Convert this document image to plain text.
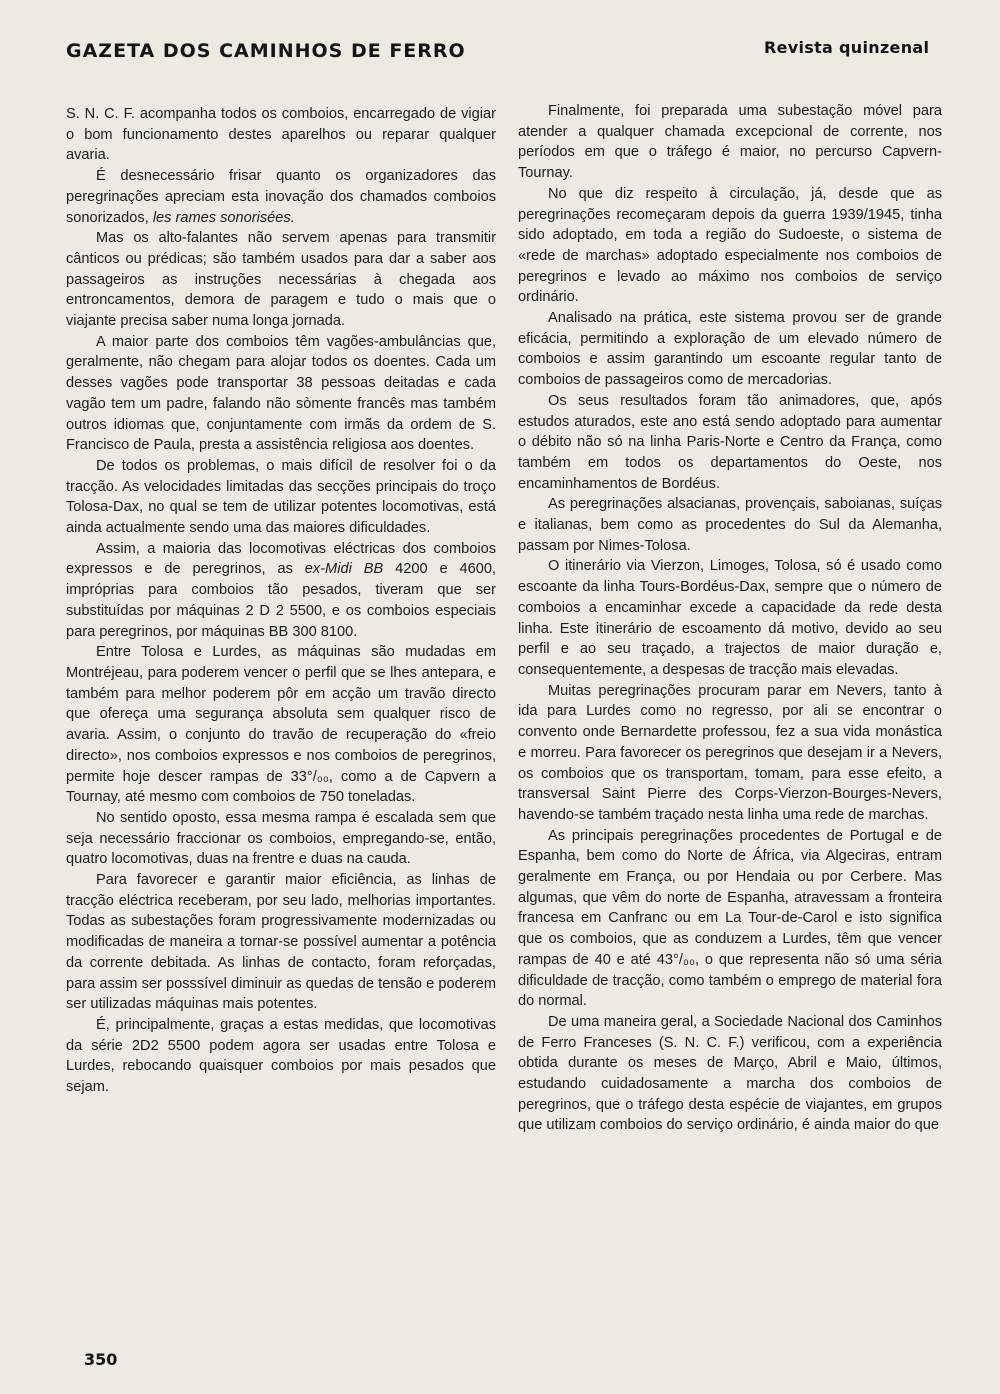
GAZETA DOS CAMINHOS DE FERRO	Revista quinzenal

S. N. C. F. acompanha todos os comboios, encarregado de vigiar o bom funcionamento destes aparelhos ou reparar qualquer avaria.

É desnecessário frisar quanto os organizadores das peregrinações apreciam esta inovação dos chamados comboios sonorizados, les rames sonorisées.

Mas os alto-falantes não servem apenas para transmitir cânticos ou prédicas; são também usados para dar a saber aos passageiros as instruções necessárias à chegada aos entroncamentos, demora de paragem e tudo o mais que o viajante precisa saber numa longa jornada.

A maior parte dos comboios têm vagões-ambulâncias que, geralmente, não chegam para alojar todos os doentes. Cada um desses vagões pode transportar 38 pessoas deitadas e cada vagão tem um padre, falando não sòmente francês mas também outros idiomas que, conjuntamente com irmãs da ordem de S. Francisco de Paula, presta a assistência religiosa aos doentes.

De todos os problemas, o mais difícil de resolver foi o da tracção. As velocidades limitadas das secções principais do troço Tolosa-Dax, no qual se tem de utilizar potentes locomotivas, está ainda actualmente sendo uma das maiores dificuldades.

Assim, a maioria das locomotivas eléctricas dos comboios expressos e de peregrinos, as ex-Midi BB 4200 e 4600, impróprias para comboios tão pesados, tiveram que ser substituídas por máquinas 2 D 2 5500, e os comboios especiais para peregrinos, por máquinas BB 300 8100.

Entre Tolosa e Lurdes, as máquinas são mudadas em Montréjeau, para poderem vencer o perfil que se lhes antepara, e também para melhor poderem pôr em acção um travão directo que ofereça uma segurança absoluta sem qualquer risco de avaria. Assim, o conjunto do travão de recuperação do «freio directo», nos comboios expressos e nos comboios de peregrinos, permite hoje descer rampas de 33°/₀₀, como a de Capvern a Tournay, até mesmo com comboios de 750 toneladas.

No sentido oposto, essa mesma rampa é escalada sem que seja necessário fraccionar os comboios, empregando-se, então, quatro locomotivas, duas na frentre e duas na cauda.

Para favorecer e garantir maior eficiência, as linhas de tracção eléctrica receberam, por seu lado, melhorias importantes. Todas as subestações foram progressivamente modernizadas ou modificadas de maneira a tornar-se possível aumentar a potência da corrente debitada. As linhas de contacto, foram reforçadas, para assim ser posssível diminuir as quedas de tensão e poderem ser utilizadas máquinas mais potentes.

É, principalmente, graças a estas medidas, que locomotivas da série 2D2 5500 podem agora ser usadas entre Tolosa e Lurdes, rebocando quaisquer comboios por mais pesados que sejam.

Finalmente, foi preparada uma subestação móvel para atender a qualquer chamada excepcional de corrente, nos períodos em que o tráfego é maior, no percurso Capvern-Tournay.

No que diz respeito à circulação, já, desde que as peregrinações recomeçaram depois da guerra 1939/1945, tinha sido adoptado, em toda a região do Sudoeste, o sistema de «rede de marchas» adoptado especialmente nos comboios de peregrinos e levado ao máximo nos comboios de serviço ordinário.

Analisado na prática, este sistema provou ser de grande eficácia, permitindo a exploração de um elevado número de comboios e assim garantindo um escoante regular tanto de comboios de passageiros como de mercadorias.

Os seus resultados foram tão animadores, que, após estudos aturados, este ano está sendo adoptado para aumentar o débito não só na linha Paris-Norte e Centro da França, como também em todos os departamentos do Oeste, nos encaminhamentos de Bordéus.

As peregrinações alsacianas, provençais, saboianas, suíças e italianas, bem como as procedentes do Sul da Alemanha, passam por Nimes-Tolosa.

O itinerário via Vierzon, Limoges, Tolosa, só é usado como escoante da linha Tours-Bordéus-Dax, sempre que o número de comboios a encaminhar excede a capacidade da rede desta linha. Este itinerário de escoamento dá motivo, devido ao seu perfil e ao seu traçado, a trajectos de maior duração e, consequentemente, a despesas de tracção mais elevadas.

Muitas peregrinações procuram parar em Nevers, tanto à ida para Lurdes como no regresso, por ali se encontrar o convento onde Bernardette professou, fez a sua vida monástica e morreu. Para favorecer os peregrinos que desejam ir a Nevers, os comboios que os transportam, tomam, para esse efeito, a transversal Saint Pierre des Corps-Vierzon-Bourges-Nevers, havendo-se também traçado nesta linha uma rede de marchas.

As principais peregrinações procedentes de Portugal e de Espanha, bem como do Norte de África, via Algeciras, entram geralmente em França, ou por Hendaia ou por Cerbere. Mas algumas, que vêm do norte de Espanha, atravessam a fronteira francesa em Canfranc ou em La Tour-de-Carol e isto significa que os comboios, que as conduzem a Lurdes, têm que vencer rampas de 40 e até 43°/₀₀, o que representa não só uma séria dificuldade de tracção, como também o emprego de material fora do normal.

De uma maneira geral, a Sociedade Nacional dos Caminhos de Ferro Franceses (S. N. C. F.) verificou, com a experiência obtida durante os meses de Março, Abril e Maio, últimos, estudando cuidadosamente a marcha dos comboios de peregrinos, que o tráfego desta espécie de viajantes, em grupos que utilizam comboios do serviço ordinário, é ainda maior do que

350
